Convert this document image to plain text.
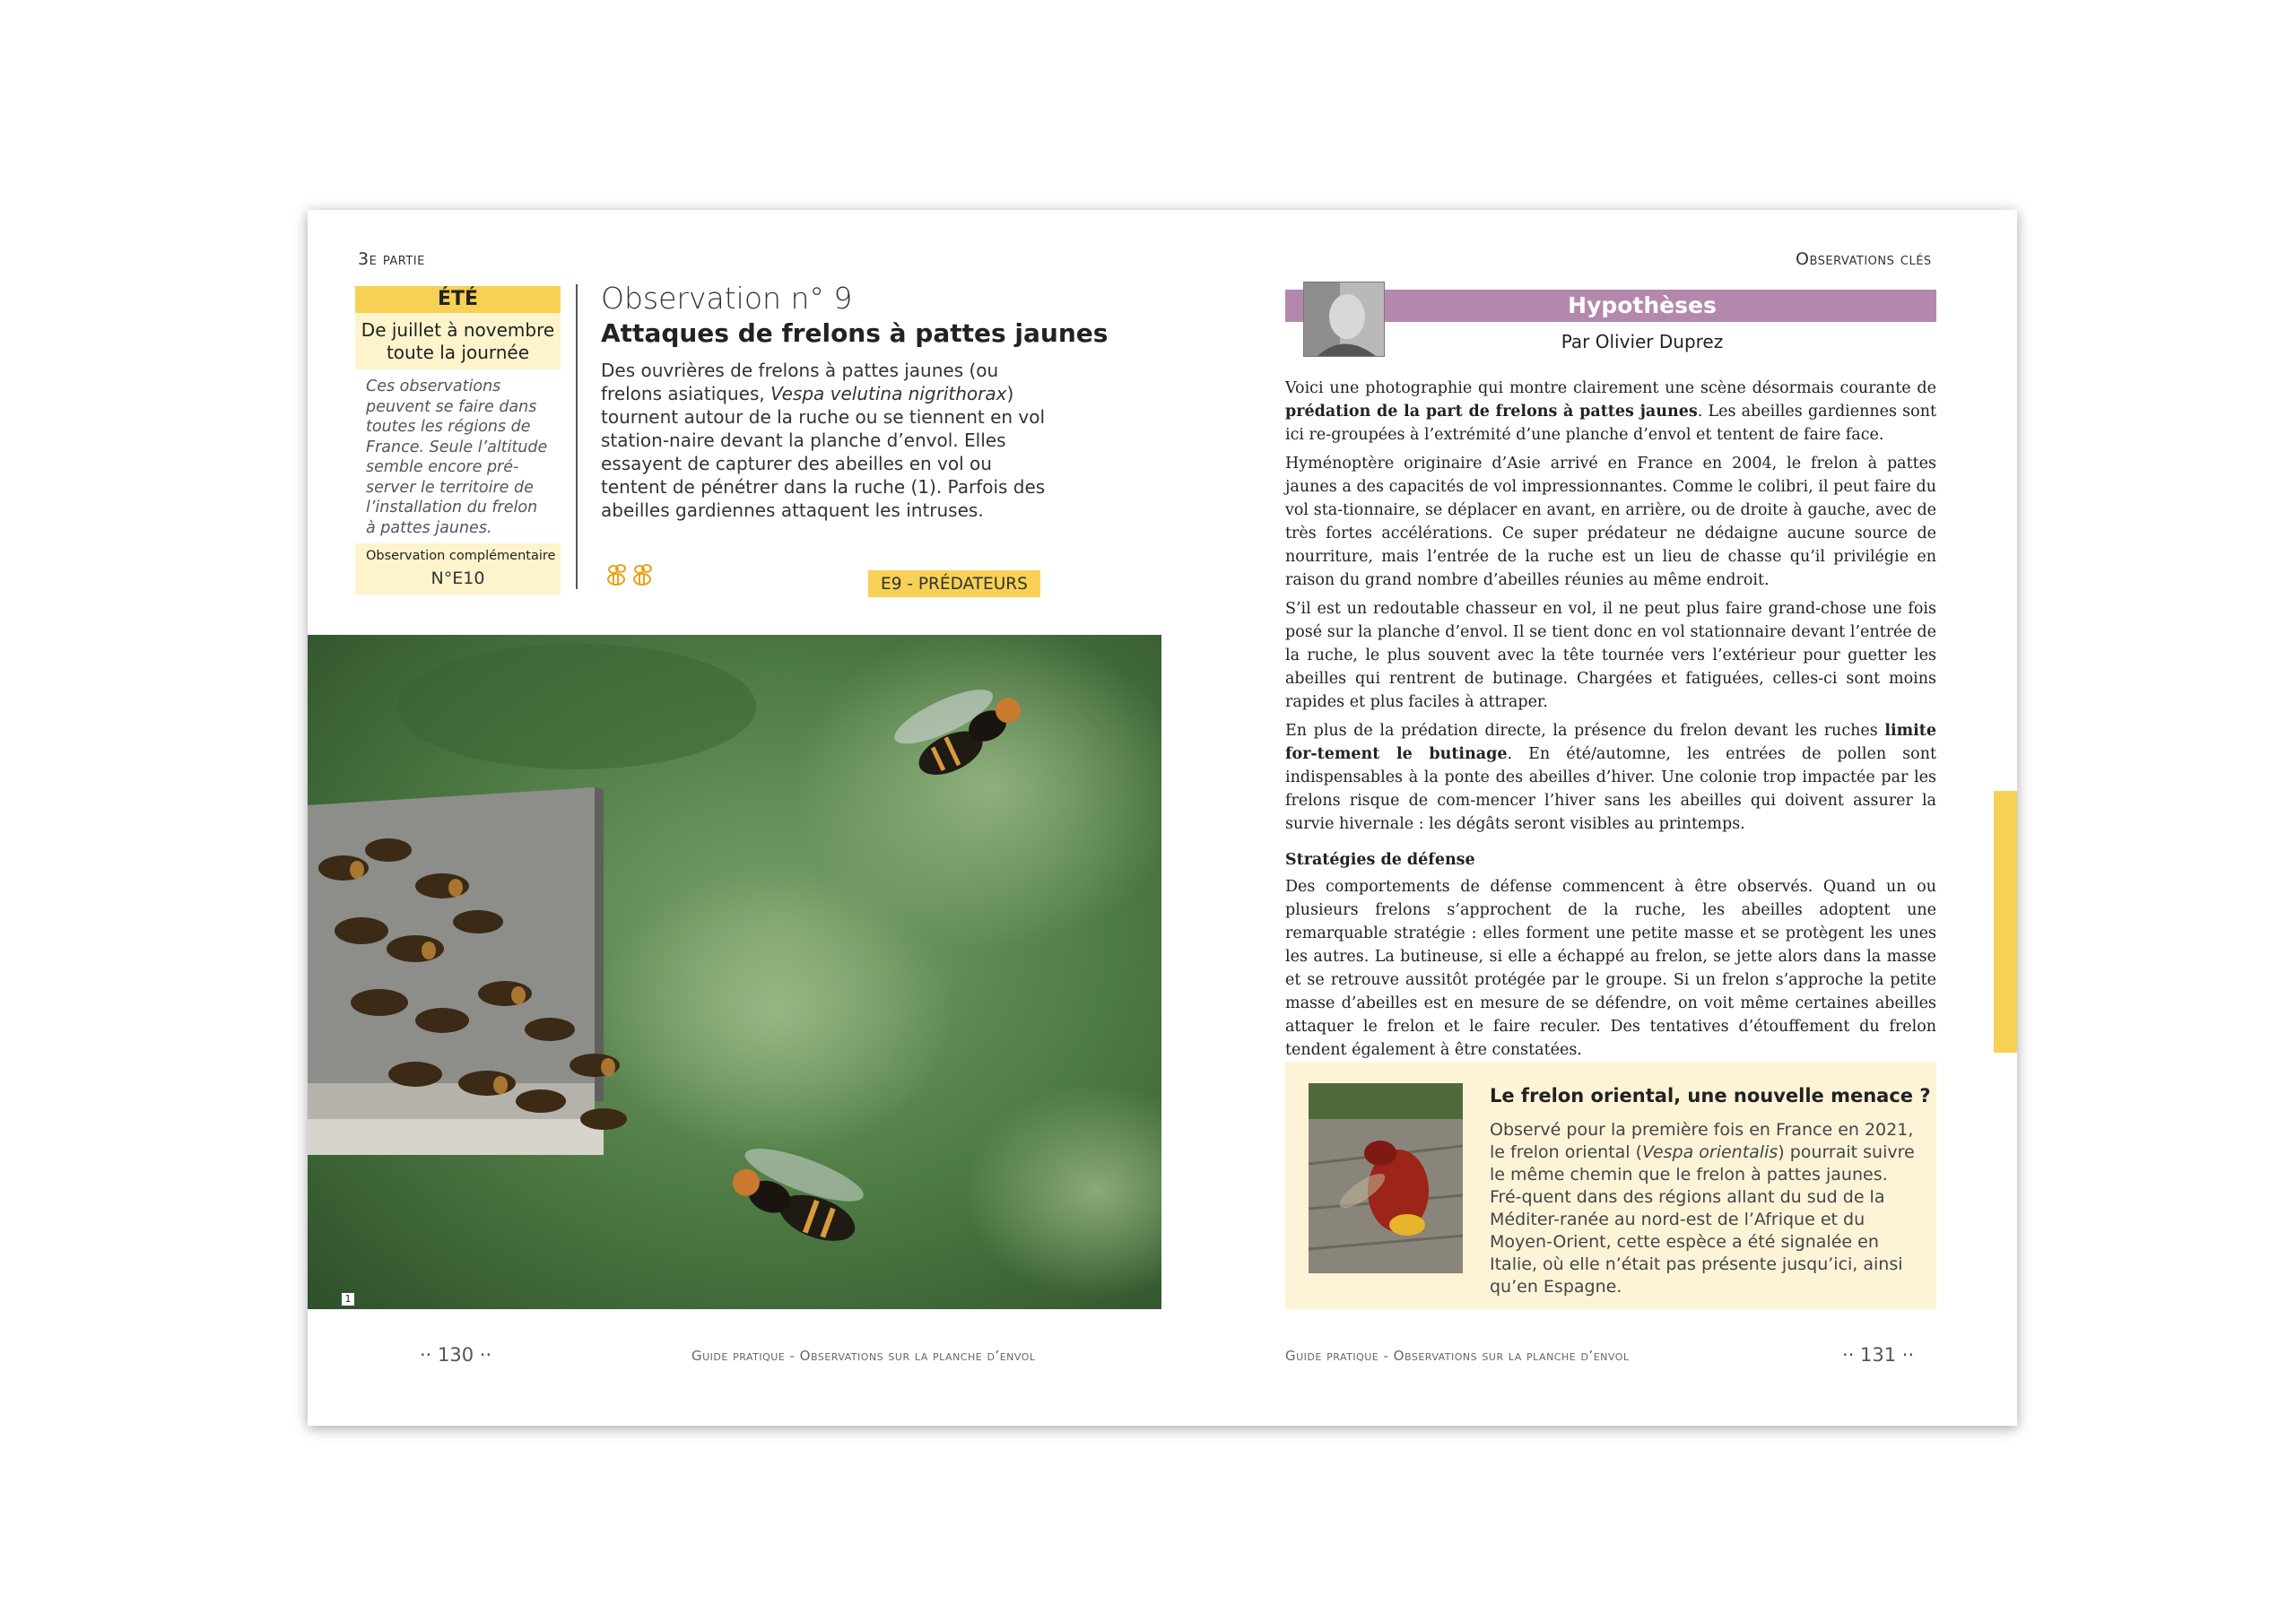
3e partie
ÉTÉ
De juillet à novembre
toute la journée
Ces observations peuvent se faire dans toutes les régions de France. Seule l’altitude semble encore pré-server le territoire de l’installation du frelon à pattes jaunes.
Observation complémentaire
N°E10
Observation n° 9
Attaques de frelons à pattes jaunes
Des ouvrières de frelons à pattes jaunes (ou frelons asiatiques, Vespa velutina nigrithorax) tournent autour de la ruche ou se tiennent en vol station-naire devant la planche d’envol. Elles essayent de capturer des abeilles en vol ou tentent de pénétrer dans la ruche (1). Parfois des abeilles gardiennes attaquent les intruses.
E9 - PRÉDATEURS
1
·· 130 ··	Guide pratique - Observations sur la planche d’envol
Observations clés
Hypothèses
Par Olivier Duprez

Voici une photographie qui montre clairement une scène désormais courante de prédation de la part de frelons à pattes jaunes. Les abeilles gardiennes sont ici re-groupées à l’extrémité d’une planche d’envol et tentent de faire face.

Hyménoptère originaire d’Asie arrivé en France en 2004, le frelon à pattes jaunes a des capacités de vol impressionnantes. Comme le colibri, il peut faire du vol sta-tionnaire, se déplacer en avant, en arrière, ou de droite à gauche, avec de très fortes accélérations. Ce super prédateur ne dédaigne aucune source de nourriture, mais l’entrée de la ruche est un lieu de chasse qu’il privilégie en raison du grand nombre d’abeilles réunies au même endroit.

S’il est un redoutable chasseur en vol, il ne peut plus faire grand-chose une fois posé sur la planche d’envol. Il se tient donc en vol stationnaire devant l’entrée de la ruche, le plus souvent avec la tête tournée vers l’extérieur pour guetter les abeilles qui rentrent de butinage. Chargées et fatiguées, celles-ci sont moins rapides et plus faciles à attraper.

En plus de la prédation directe, la présence du frelon devant les ruches limite for-tement le butinage. En été/automne, les entrées de pollen sont indispensables à la ponte des abeilles d’hiver. Une colonie trop impactée par les frelons risque de com-mencer l’hiver sans les abeilles qui doivent assurer la survie hivernale : les dégâts seront visibles au printemps.

Stratégies de défense

Des comportements de défense commencent à être observés. Quand un ou plusieurs frelons s’approchent de la ruche, les abeilles adoptent une remarquable stratégie : elles forment une petite masse et se protègent les unes les autres. La butineuse, si elle a échappé au frelon, se jette alors dans la masse et se retrouve aussitôt protégée par le groupe. Si un frelon s’approche la petite masse d’abeilles est en mesure de se défendre, on voit même certaines abeilles attaquer le frelon et le faire reculer. Des tentatives d’étouffement du frelon tendent également à être constatées.

Le frelon oriental, une nouvelle menace ?
Observé pour la première fois en France en 2021, le frelon oriental (Vespa orientalis) pourrait suivre le même chemin que le frelon à pattes jaunes. Fré-quent dans des régions allant du sud de la Méditer-ranée au nord-est de l’Afrique et du Moyen-Orient, cette espèce a été signalée en Italie, où elle n’était pas présente jusqu’ici, ainsi qu’en Espagne.
Guide pratique - Observations sur la planche d’envol	·· 131 ··
